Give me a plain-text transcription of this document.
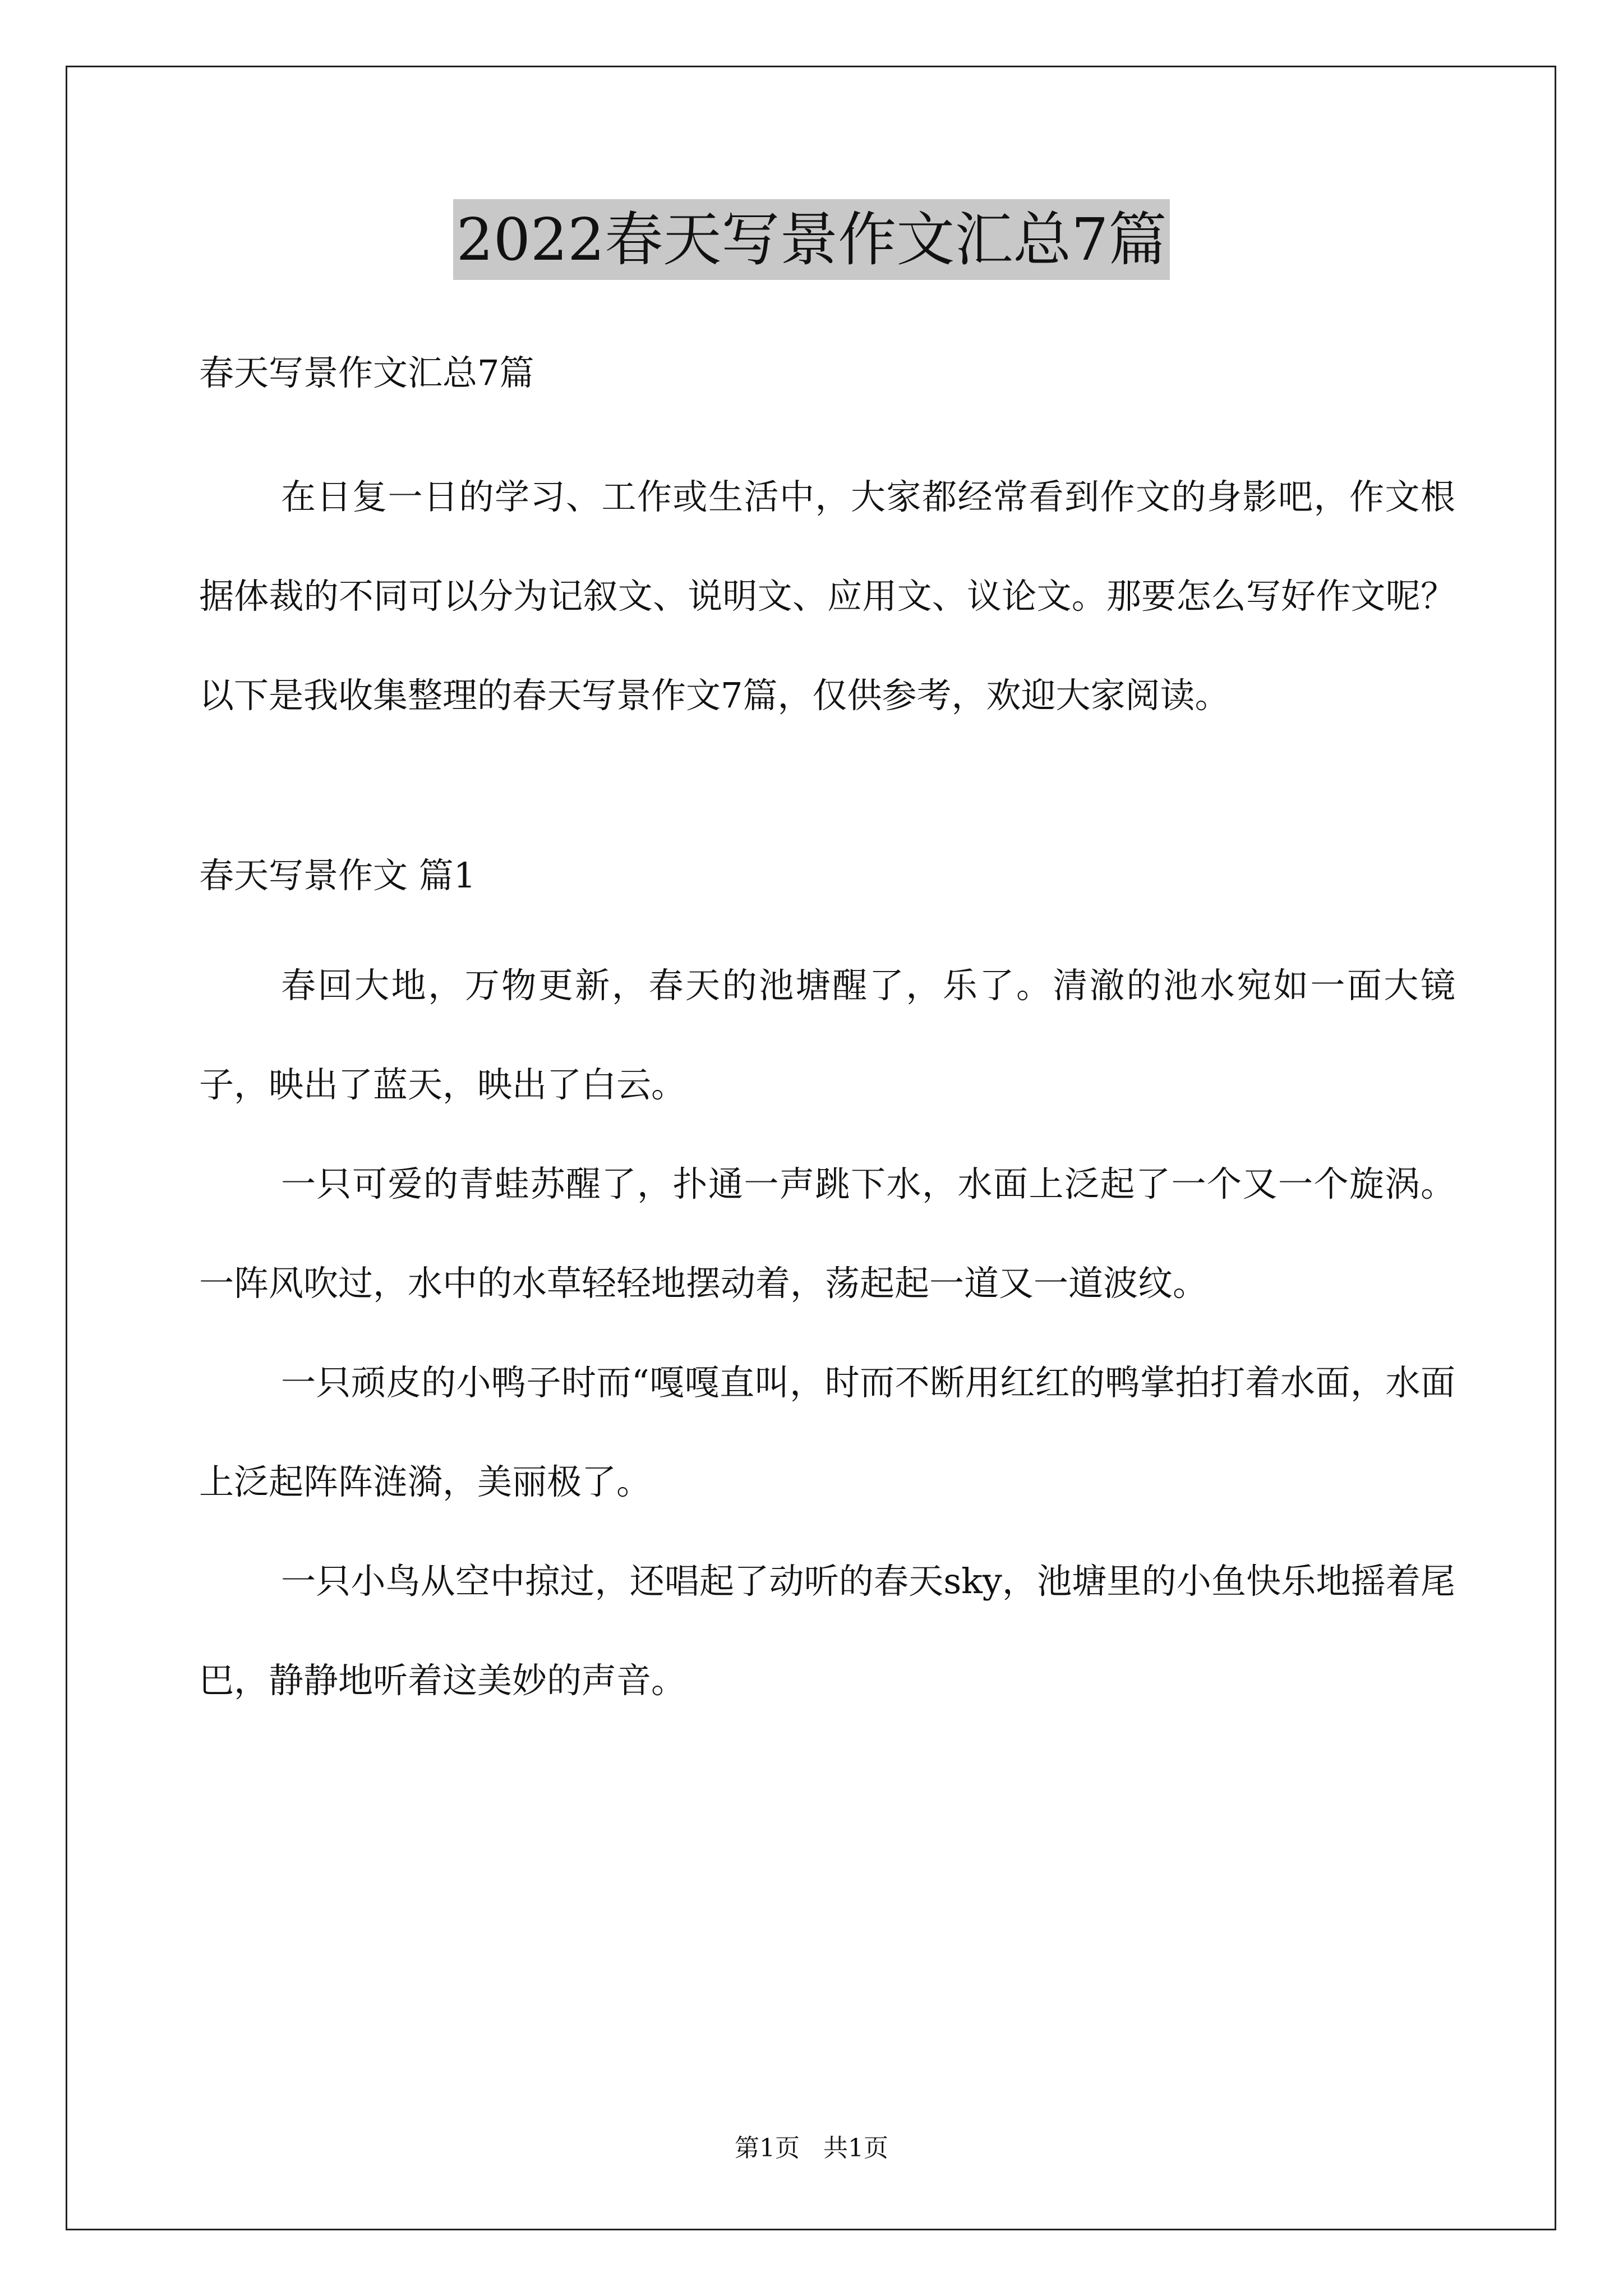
2022春天写景作文汇总7篇
春天写景作文汇总7篇

在日复一日的学习、工作或生活中，大家都经常看到作文的身影吧，作文根据体裁的不同可以分为记叙文、说明文、应用文、议论文。那要怎么写好作文呢？以下是我收集整理的春天写景作文7篇，仅供参考，欢迎大家阅读。

春天写景作文 篇1

春回大地，万物更新，春天的池塘醒了，乐了。清澈的池水宛如一面大镜子，映出了蓝天，映出了白云。

一只可爱的青蛙苏醒了，扑通一声跳下水，水面上泛起了一个又一个旋涡。一阵风吹过，水中的水草轻轻地摆动着，荡起起一道又一道波纹。

一只顽皮的小鸭子时而“嘎嘎直叫，时而不断用红红的鸭掌拍打着水面，水面上泛起阵阵涟漪，美丽极了。

一只小鸟从空中掠过，还唱起了动听的春天sky，池塘里的小鱼快乐地摇着尾巴，静静地听着这美妙的声音。

第1页   共1页
